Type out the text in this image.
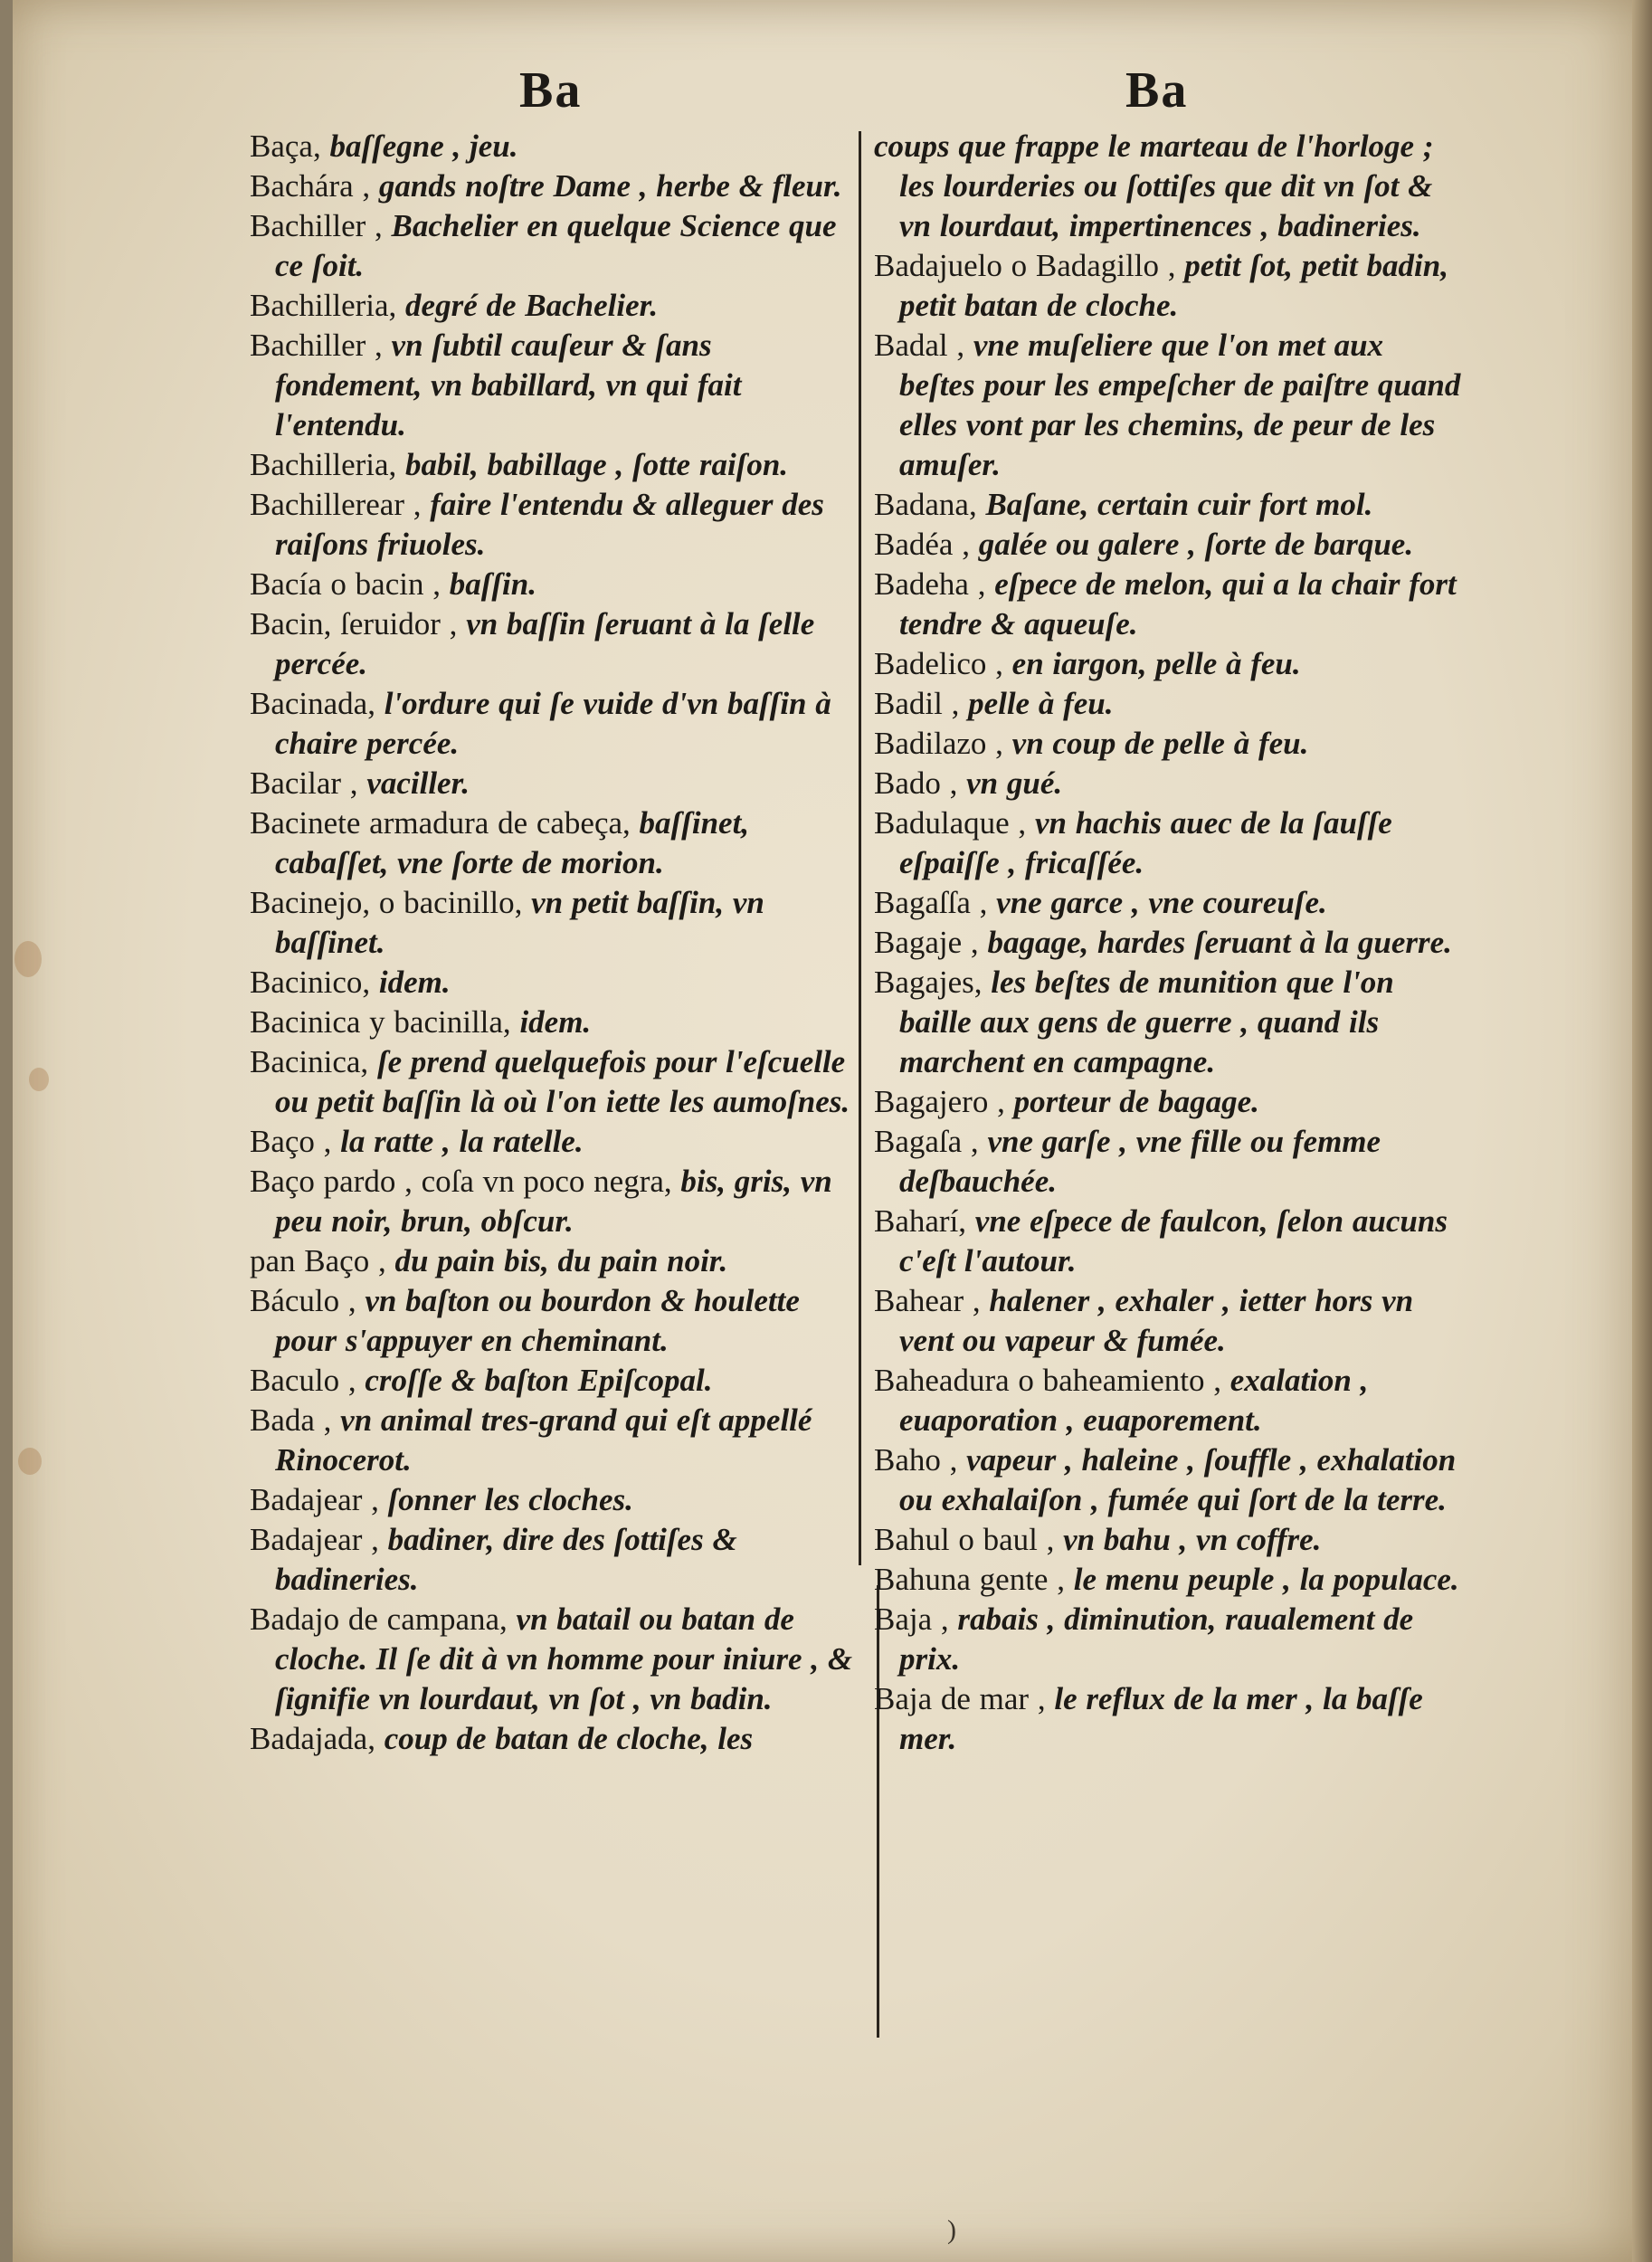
Ba	Ba

Baça, baſſegne , jeu.

Bachára , gands noſtre Dame , herbe & fleur.

Bachiller , Bachelier en quelque Science que ce ſoit.

Bachilleria, degré de Bachelier.

Bachiller , vn ſubtil cauſeur & ſans fondement, vn babillard, vn qui fait l'entendu.

Bachilleria, babil, babillage , ſotte raiſon.

Bachillerear , faire l'entendu & alleguer des raiſons friuoles.

Bacía o bacin , baſſin.

Bacin, ſeruidor , vn baſſin ſeruant à la ſelle percée.

Bacinada, l'ordure qui ſe vuide d'vn baſſin à chaire percée.

Bacilar , vaciller.

Bacinete armadura de cabeça, baſſinet, cabaſſet, vne ſorte de morion.

Bacinejo, o bacinillo, vn petit baſſin, vn baſſinet.

Bacinico, idem.

Bacinica y bacinilla, idem.

Bacinica, ſe prend quelquefois pour l'eſcuelle ou petit baſſin là où l'on iette les aumoſnes.

Baço , la ratte , la ratelle.

Baço pardo , coſa vn poco negra, bis, gris, vn peu noir, brun, obſcur.

pan Baço , du pain bis, du pain noir.

Báculo , vn baſton ou bourdon & houlette pour s'appuyer en cheminant.

Baculo , croſſe & baſton Epiſcopal.

Bada , vn animal tres-grand qui eſt appellé Rinocerot.

Badajear , ſonner les cloches.

Badajear , badiner, dire des ſottiſes & badineries.

Badajo de campana, vn batail ou batan de cloche. Il ſe dit à vn homme pour iniure , & ſignifie vn lourdaut, vn ſot , vn badin.

Badajada, coup de batan de cloche, les

coups que frappe le marteau de l'horloge ; les lourderies ou ſottiſes que dit vn ſot & vn lourdaut, impertinences , badineries.

Badajuelo o Badagillo , petit ſot, petit badin, petit batan de cloche.

Badal , vne muſeliere que l'on met aux beſtes pour les empeſcher de paiſtre quand elles vont par les chemins, de peur de les amuſer.

Badana, Baſane, certain cuir fort mol.

Badéa , galée ou galere , ſorte de barque.

Badeha , eſpece de melon, qui a la chair fort tendre & aqueuſe.

Badelico , en iargon, pelle à feu.

Badil , pelle à feu.

Badilazo , vn coup de pelle à feu.

Bado , vn gué.

Badulaque , vn hachis auec de la ſauſſe eſpaiſſe , fricaſſée.

Bagaſſa , vne garce , vne coureuſe.

Bagaje , bagage, hardes ſeruant à la guerre.

Bagajes, les beſtes de munition que l'on baille aux gens de guerre , quand ils marchent en campagne.

Bagajero , porteur de bagage.

Bagaſa , vne garſe , vne fille ou femme deſbauchée.

Baharí, vne eſpece de faulcon, ſelon aucuns c'eſt l'autour.

Bahear , halener , exhaler , ietter hors vn vent ou vapeur & fumée.

Baheadura o baheamiento , exalation , euaporation , euaporement.

Baho , vapeur , haleine , ſouffle , exhalation ou exhalaiſon , fumée qui ſort de la terre.

Bahul o baul , vn bahu , vn coffre.

Bahuna gente , le menu peuple , la populace.

Baja , rabais , diminution, raualement de prix.

Baja de mar , le reflux de la mer , la baſſe mer.

)
